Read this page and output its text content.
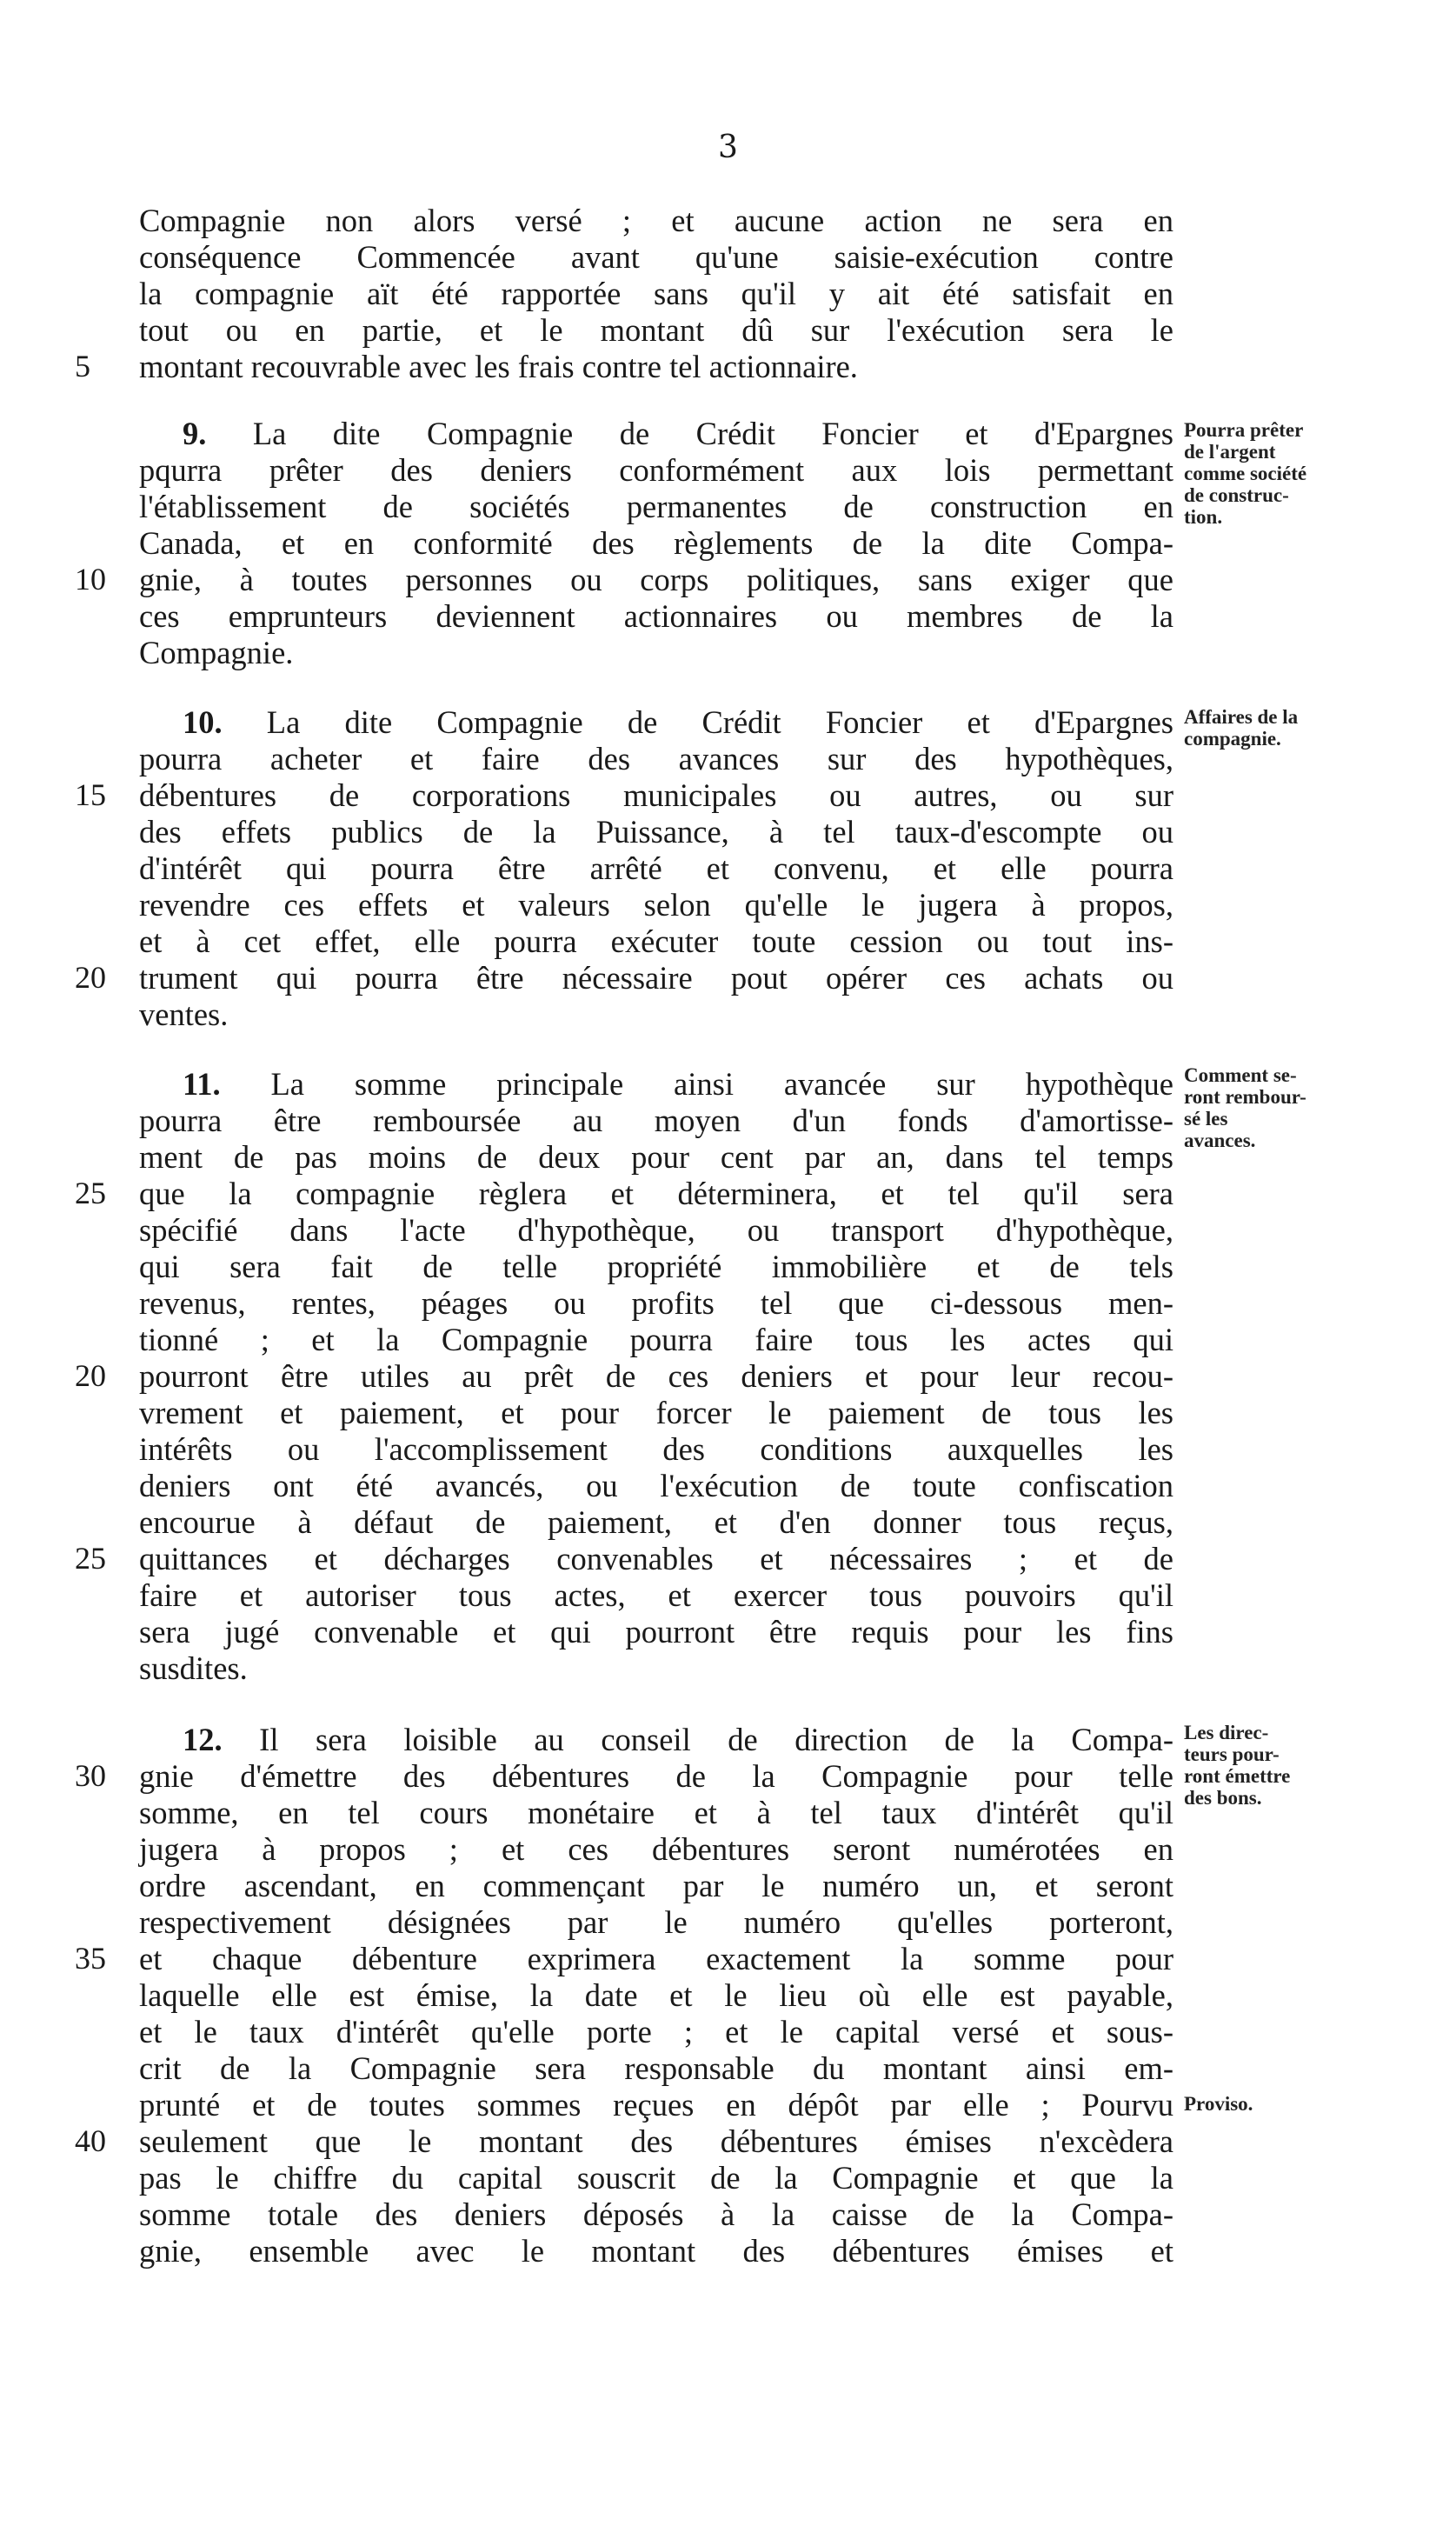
3
Compagnie non alors versé ; et aucune action ne sera en
conséquence Commencée avant qu'une saisie-exécution contre
la compagnie aït été rapportée sans qu'il y ait été satisfait en
tout ou en partie, et le montant dû sur l'exécution sera le
5	montant recouvrable avec les frais contre tel actionnaire.
9. La dite Compagnie de Crédit Foncier et d'Epargnes
pqurra prêter des deniers conformément aux lois permettant
l'établissement de sociétés permanentes de construction en
Canada, et en conformité des règlements de la dite Compa-
10	gnie, à toutes personnes ou corps politiques, sans exiger que
ces emprunteurs deviennent actionnaires ou membres de la
Compagnie.
10. La dite Compagnie de Crédit Foncier et d'Epargnes
pourra acheter et faire des avances sur des hypothèques,
15	débentures de corporations municipales ou autres, ou sur
des effets publics de la Puissance, à tel taux-d'escompte ou
d'intérêt qui pourra être arrêté et convenu, et elle pourra
revendre ces effets et valeurs selon qu'elle le jugera à propos,
et à cet effet, elle pourra exécuter toute cession ou tout ins-
20	trument qui pourra être nécessaire pout opérer ces achats ou
ventes.
11. La somme principale ainsi avancée sur hypothèque
pourra être remboursée au moyen d'un fonds d'amortisse-
ment de pas moins de deux pour cent par an, dans tel temps
25	que la compagnie règlera et déterminera, et tel qu'il sera
spécifié dans l'acte d'hypothèque, ou transport d'hypothèque,
qui sera fait de telle propriété immobilière et de tels
revenus, rentes, péages ou profits tel que ci-dessous men-
tionné ; et la Compagnie pourra faire tous les actes qui
20	pourront être utiles au prêt de ces deniers et pour leur recou-
vrement et paiement, et pour forcer le paiement de tous les
intérêts ou l'accomplissement des conditions auxquelles les
deniers ont été avancés, ou l'exécution de toute confiscation
encourue à défaut de paiement, et d'en donner tous reçus,
25	quittances et décharges convenables et nécessaires ; et de
faire et autoriser tous actes, et exercer tous pouvoirs qu'il
sera jugé convenable et qui pourront être requis pour les fins
susdites.
12. Il sera loisible au conseil de direction de la Compa-
30	gnie d'émettre des débentures de la Compagnie pour telle
somme, en tel cours monétaire et à tel taux d'intérêt qu'il
jugera à propos ; et ces débentures seront numérotées en
ordre ascendant, en commençant par le numéro un, et seront
respectivement désignées par le numéro qu'elles porteront,
35	et chaque débenture exprimera exactement la somme pour
laquelle elle est émise, la date et le lieu où elle est payable,
et le taux d'intérêt qu'elle porte ; et le capital versé et sous-
crit de la Compagnie sera responsable du montant ainsi em-
prunté et de toutes sommes reçues en dépôt par elle ; Pourvu
40	seulement que le montant des débentures émises n'excèdera
pas le chiffre du capital souscrit de la Compagnie et que la
somme totale des deniers déposés à la caisse de la Compa-
gnie, ensemble avec le montant des débentures émises et
Pourra prêter
de l'argent
comme société
de construc-
tion.
Affaires de la
compagnie.
Comment se-
ront rembour-
sé les
avances.
Les direc-
teurs pour-
ront émettre
des bons.
Proviso.
